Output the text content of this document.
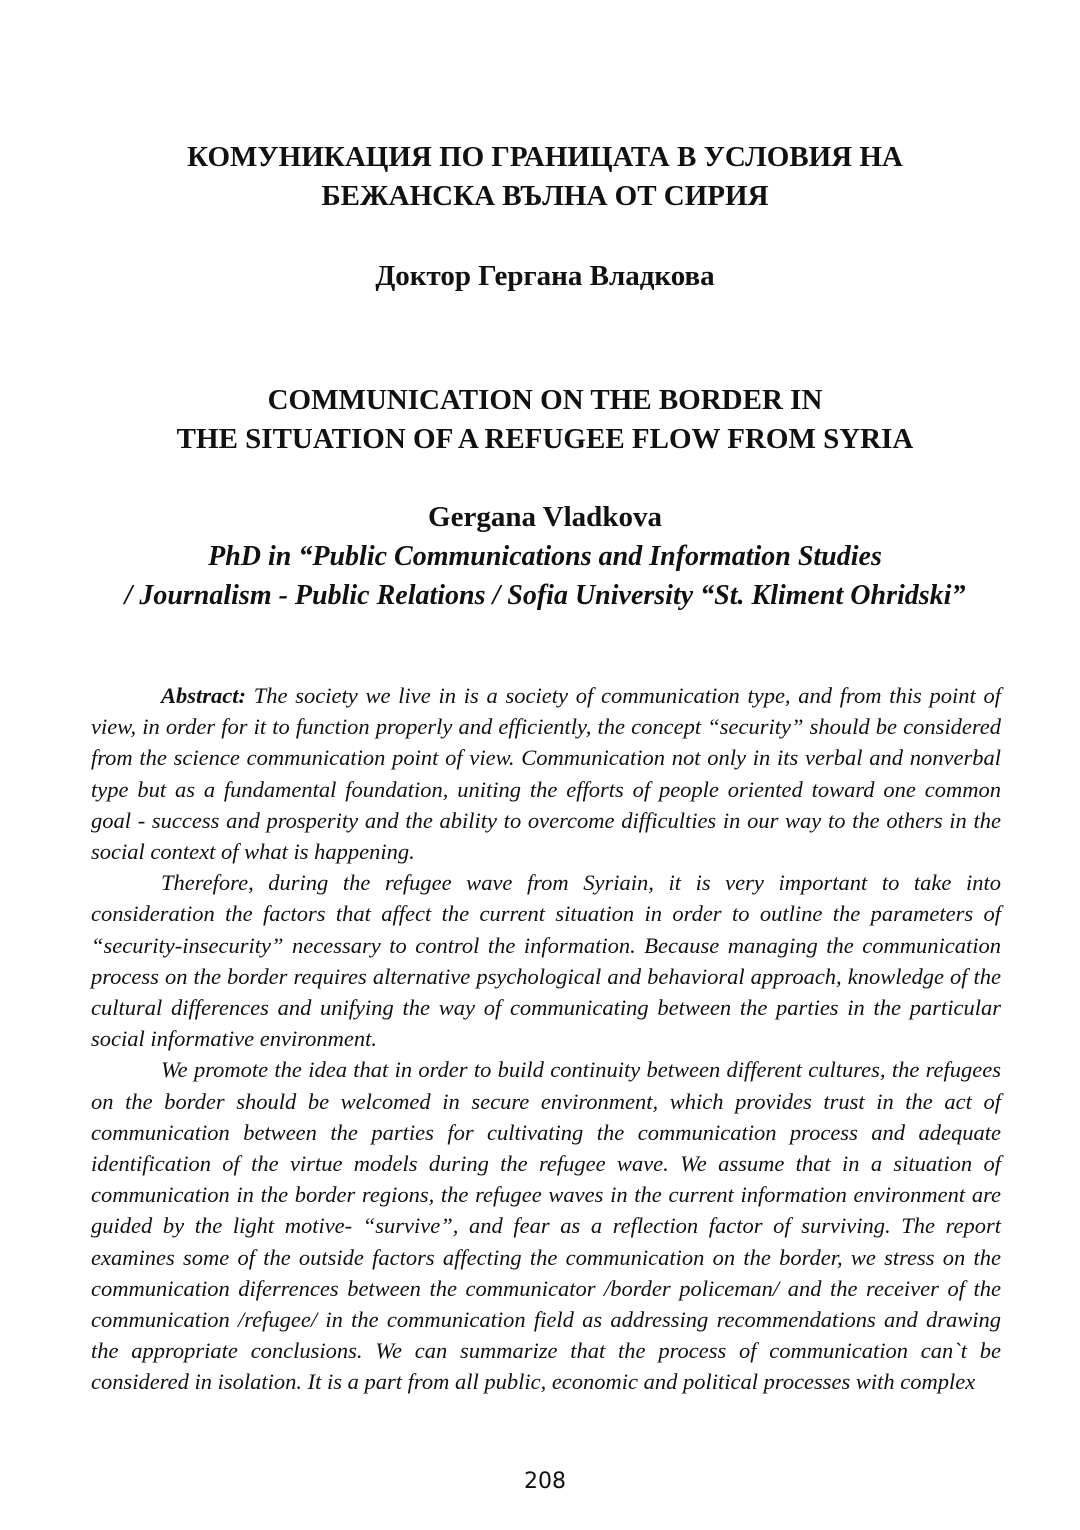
КОМУНИКАЦИЯ ПО ГРАНИЦАТА В УСЛОВИЯ НА
БЕЖАНСКА ВЪЛНА ОТ СИРИЯ
Доктор Гергана Владкова
COMMUNICATION ON THE BORDER IN
THE SITUATION OF A REFUGEE FLOW FROM SYRIA
Gergana Vladkova
PhD in “Public Communications and Information Studies
/ Journalism - Public Relations / Sofia University “St. Kliment Ohridski”

Abstract: The society we live in is a society of communication type, and from this point of view, in order for it to function properly and efficiently, the concept “security” should be considered from the science communication point of view. Communication not only in its verbal and nonverbal type but as a fundamental foundation, uniting the efforts of people oriented toward one common goal - success and prosperity and the ability to overcome difficulties in our way to the others in the social context of what is happening.

Therefore, during the refugee wave from Syriain, it is very important to take into consideration the factors that affect the current situation in order to outline the parameters of “security-insecurity” necessary to control the information. Because managing the communication process on the border requires alternative psychological and behavioral approach, knowledge of the cultural differences and unifying the way of communicating between the parties in the particular social informative environment.

We promote the idea that in order to build continuity between different cultures, the refugees on the border should be welcomed in secure environment, which provides trust in the act of communication between the parties for cultivating the communication process and adequate identification of the virtue models during the refugee wave. We assume that in a situation of communication in the border regions, the refugee waves in the current information environment are guided by the light motive- “survive”, and fear as a reflection factor of surviving. The report examines some of the outside factors affecting the communication on the border, we stress on the communication diferrences between the communicator /border policeman/ and the receiver of the communication /refugee/ in the communication field as addressing recommendations and drawing the appropriate conclusions. We can summarize that the process of communication can`t be considered in isolation. It is a part from all public, economic and political processes with complex

208
